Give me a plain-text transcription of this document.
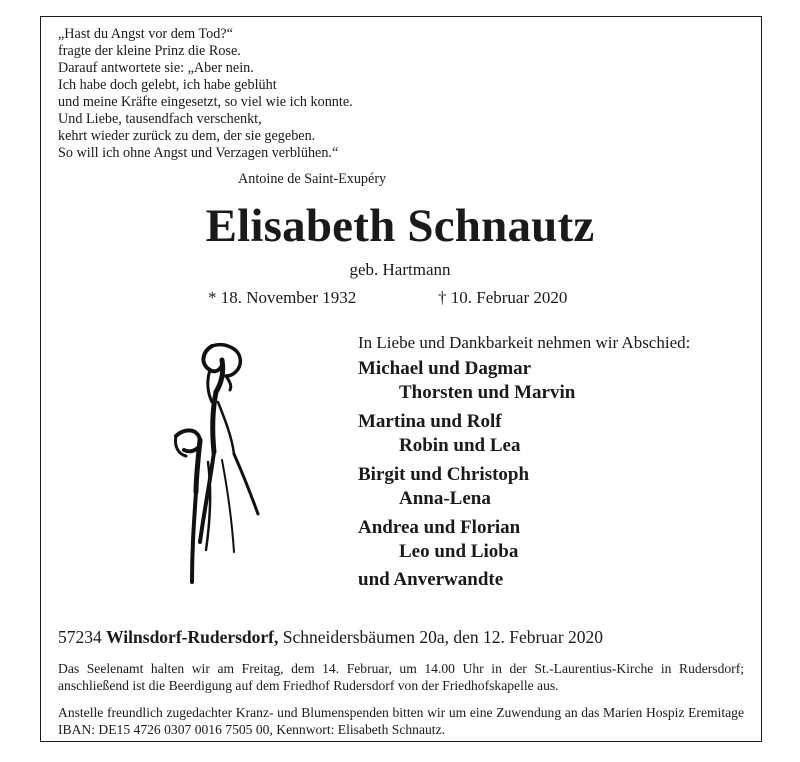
„Hast du Angst vor dem Tod?“
fragte der kleine Prinz die Rose.
Darauf antwortete sie: „Aber nein.
Ich habe doch gelebt, ich habe geblüht
und meine Kräfte eingesetzt, so viel wie ich konnte.
Und Liebe, tausendfach verschenkt,
kehrt wieder zurück zu dem, der sie gegeben.
So will ich ohne Angst und Verzagen verblühen.“
Antoine de Saint-Exupéry
Elisabeth Schnautz
geb. Hartmann
* 18. November 1932	† 10. Februar 2020
In Liebe und Dankbarkeit nehmen wir Abschied:
Michael und Dagmar
Thorsten und Marvin
Martina und Rolf
Robin und Lea
Birgit und Christoph
Anna-Lena
Andrea und Florian
Leo und Lioba
und Anverwandte
57234 Wilnsdorf-Rudersdorf, Schneidersbäumen 20a, den 12. Februar 2020
Das Seelenamt halten wir am Freitag, dem 14. Februar, um 14.00 Uhr in der St.-Laurentius-Kirche in Rudersdorf; anschließend ist die Beerdigung auf dem Friedhof Rudersdorf von der Friedhofskapelle aus.
Anstelle freundlich zugedachter Kranz- und Blumenspenden bitten wir um eine Zuwendung an das Marien Hospiz Eremitage IBAN: DE15 4726 0307 0016 7505 00, Kennwort: Elisabeth Schnautz.
